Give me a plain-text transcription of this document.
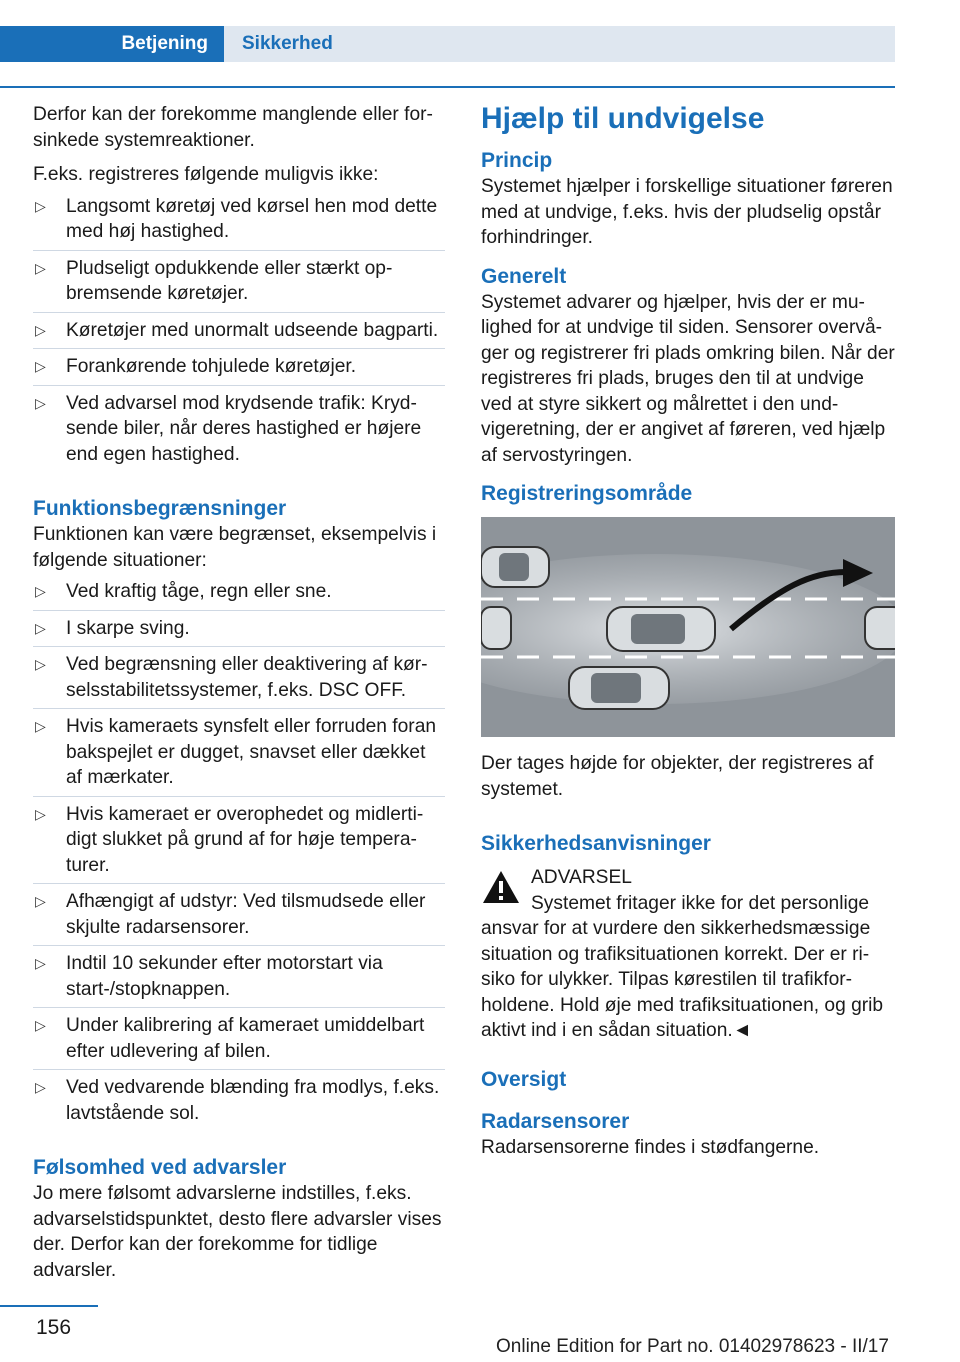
Betjening	Sikkerhed

Derfor kan der forekomme manglende eller forsinkede systemreaktioner.

F.eks. registreres følgende muligvis ikke:

▷ Langsomt køretøj ved kørsel hen mod dette med høj hastighed.
▷ Pludseligt opdukkende eller stærkt opbremsende køretøjer.
▷ Køretøjer med unormalt udseende bagparti.
▷ Forankørende tohjulede køretøjer.
▷ Ved advarsel mod krydsende trafik: Krydsende biler, når deres hastighed er højere end egen hastighed.
Funktionsbegrænsninger

Funktionen kan være begrænset, eksempelvis i følgende situationer:

▷ Ved kraftig tåge, regn eller sne.
▷ I skarpe sving.
▷ Ved begrænsning eller deaktivering af kørselsstabilitetssystemer, f.eks. DSC OFF.
▷ Hvis kameraets synsfelt eller forruden foran bakspejlet er dugget, snavset eller dækket af mærkater.
▷ Hvis kameraet er overophedet og midlertidigt slukket på grund af for høje temperaturer.
▷ Afhængigt af udstyr: Ved tilsmudsede eller skjulte radarsensorer.
▷ Indtil 10 sekunder efter motorstart via start-/stopknappen.
▷ Under kalibrering af kameraet umiddelbart efter udlevering af bilen.
▷ Ved vedvarende blænding fra modlys, f.eks. lavtstående sol.
Følsomhed ved advarsler

Jo mere følsomt advarslerne indstilles, f.eks. advarselstidspunktet, desto flere advarsler vises der. Derfor kan der forekomme for tidlige advarsler.

Hjælp til undvigelse
Princip

Systemet hjælper i forskellige situationer føreren med at undvige, f.eks. hvis der pludselig opstår forhindringer.

Generelt

Systemet advarer og hjælper, hvis der er mulighed for at undvige til siden. Sensorer overvåger og registrerer fri plads omkring bilen. Når der registreres fri plads, bruges den til at undvige ved at styre sikkert og målrettet i den undvigeretning, der er angivet af føreren, ved hjælp af servostyringen.

Registreringsområde

Der tages højde for objekter, der registreres af systemet.

Sikkerhedsanvisninger
ADVARSEL
Systemet fritager ikke for det personlige

ansvar for at vurdere den sikkerhedsmæssige situation og trafiksituationen korrekt. Der er risiko for ulykker. Tilpas kørestilen til trafikforholdene. Hold øje med trafiksituationen, og grib aktivt ind i en sådan situation.◄

Oversigt
Radarsensorer

Radarsensorerne findes i stødfangerne.

156
Online Edition for Part no. 01402978623 - II/17
